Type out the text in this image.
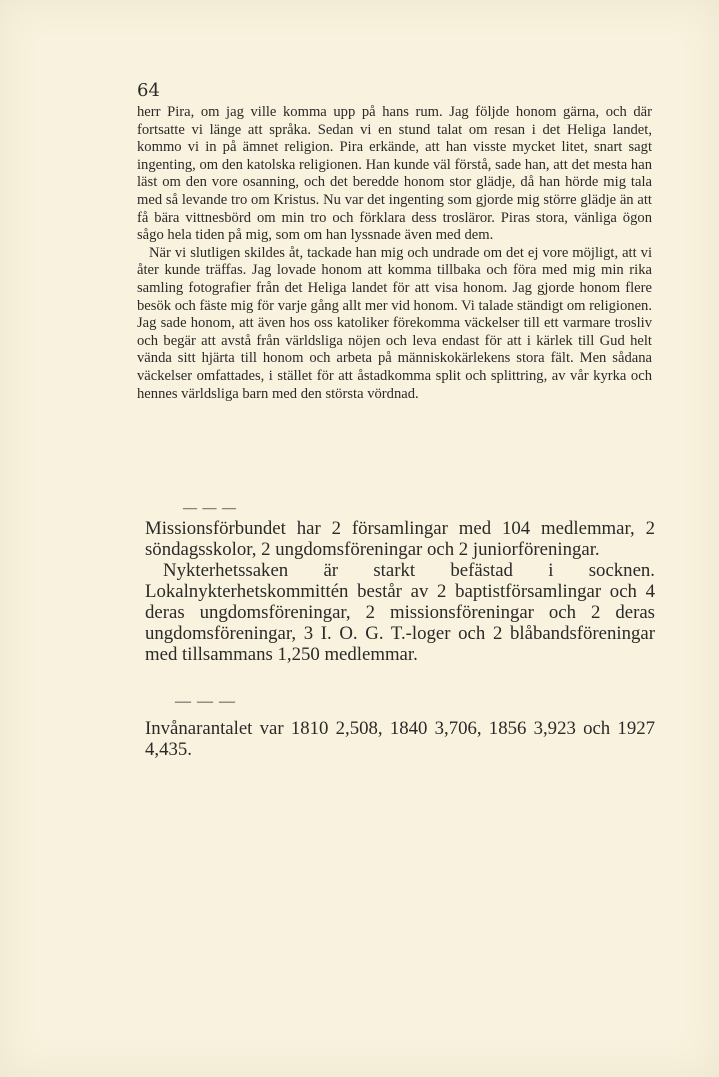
64

herr Pira, om jag ville komma upp på hans rum. Jag följde honom gärna, och där fortsatte vi länge att språka. Sedan vi en stund talat om resan i det Heliga landet, kommo vi in på ämnet religion. Pira erkände, att han visste mycket litet, snart sagt ingenting, om den katolska religionen. Han kunde väl förstå, sade han, att det mesta han läst om den vore osanning, och det beredde honom stor glädje, då han hörde mig tala med så levande tro om Kristus. Nu var det ingenting som gjorde mig större glädje än att få bära vittnesbörd om min tro och förklara dess trosläror. Piras stora, vänliga ögon sågo hela tiden på mig, som om han lyssnade även med dem.

När vi slutligen skildes åt, tackade han mig och undrade om det ej vore möjligt, att vi åter kunde träffas. Jag lovade honom att komma tillbaka och föra med mig min rika samling fotografier från det Heliga landet för att visa honom. Jag gjorde honom flere besök och fäste mig för varje gång allt mer vid honom. Vi talade ständigt om religionen. Jag sade honom, att även hos oss katoliker förekomma väckelser till ett varmare trosliv och begär att avstå från världsliga nöjen och leva endast för att i kärlek till Gud helt vända sitt hjärta till honom och arbeta på människokärlekens stora fält. Men sådana väckelser omfattades, i stället för att åstadkomma split och splittring, av vår kyrka och hennes världsliga barn med den största vördnad.

— — —

Missionsförbundet har 2 församlingar med 104 medlemmar, 2 söndagsskolor, 2 ungdomsföreningar och 2 juniorföreningar.

Nykterhetssaken är starkt befästad i socknen. Lokalnykterhetskommittén består av 2 baptistförsamlingar och 4 deras ungdomsföreningar, 2 missionsföreningar och 2 deras ungdomsföreningar, 3 I. O. G. T.-loger och 2 blåbandsföreningar med tillsammans 1,250 medlemmar.

— — —

Invånarantalet var 1810 2,508, 1840 3,706, 1856 3,923 och 1927 4,435.
